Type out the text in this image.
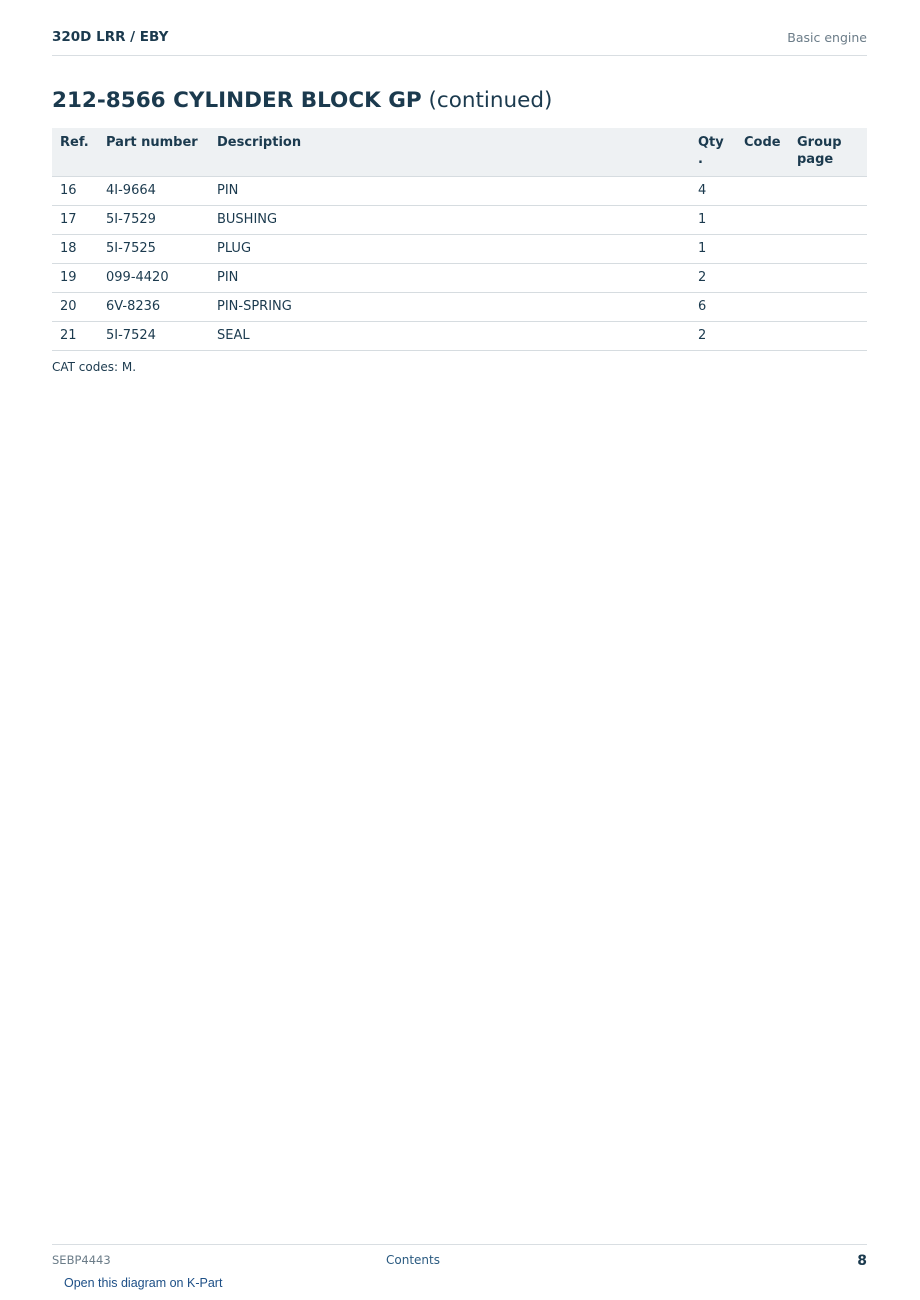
320D LRR / EBY	Basic engine
212-8566 CYLINDER BLOCK GP (continued)
Ref.	Part number	Description	Qty .	Code	Group page
16	4I-9664	PIN	4		
17	5I-7529	BUSHING	1		
18	5I-7525	PLUG	1		
19	099-4420	PIN	2		
20	6V-8236	PIN-SPRING	6		
21	5I-7524	SEAL	2		
CAT codes: M.
SEBP4443	Contents	8
Open this diagram on K-Part
